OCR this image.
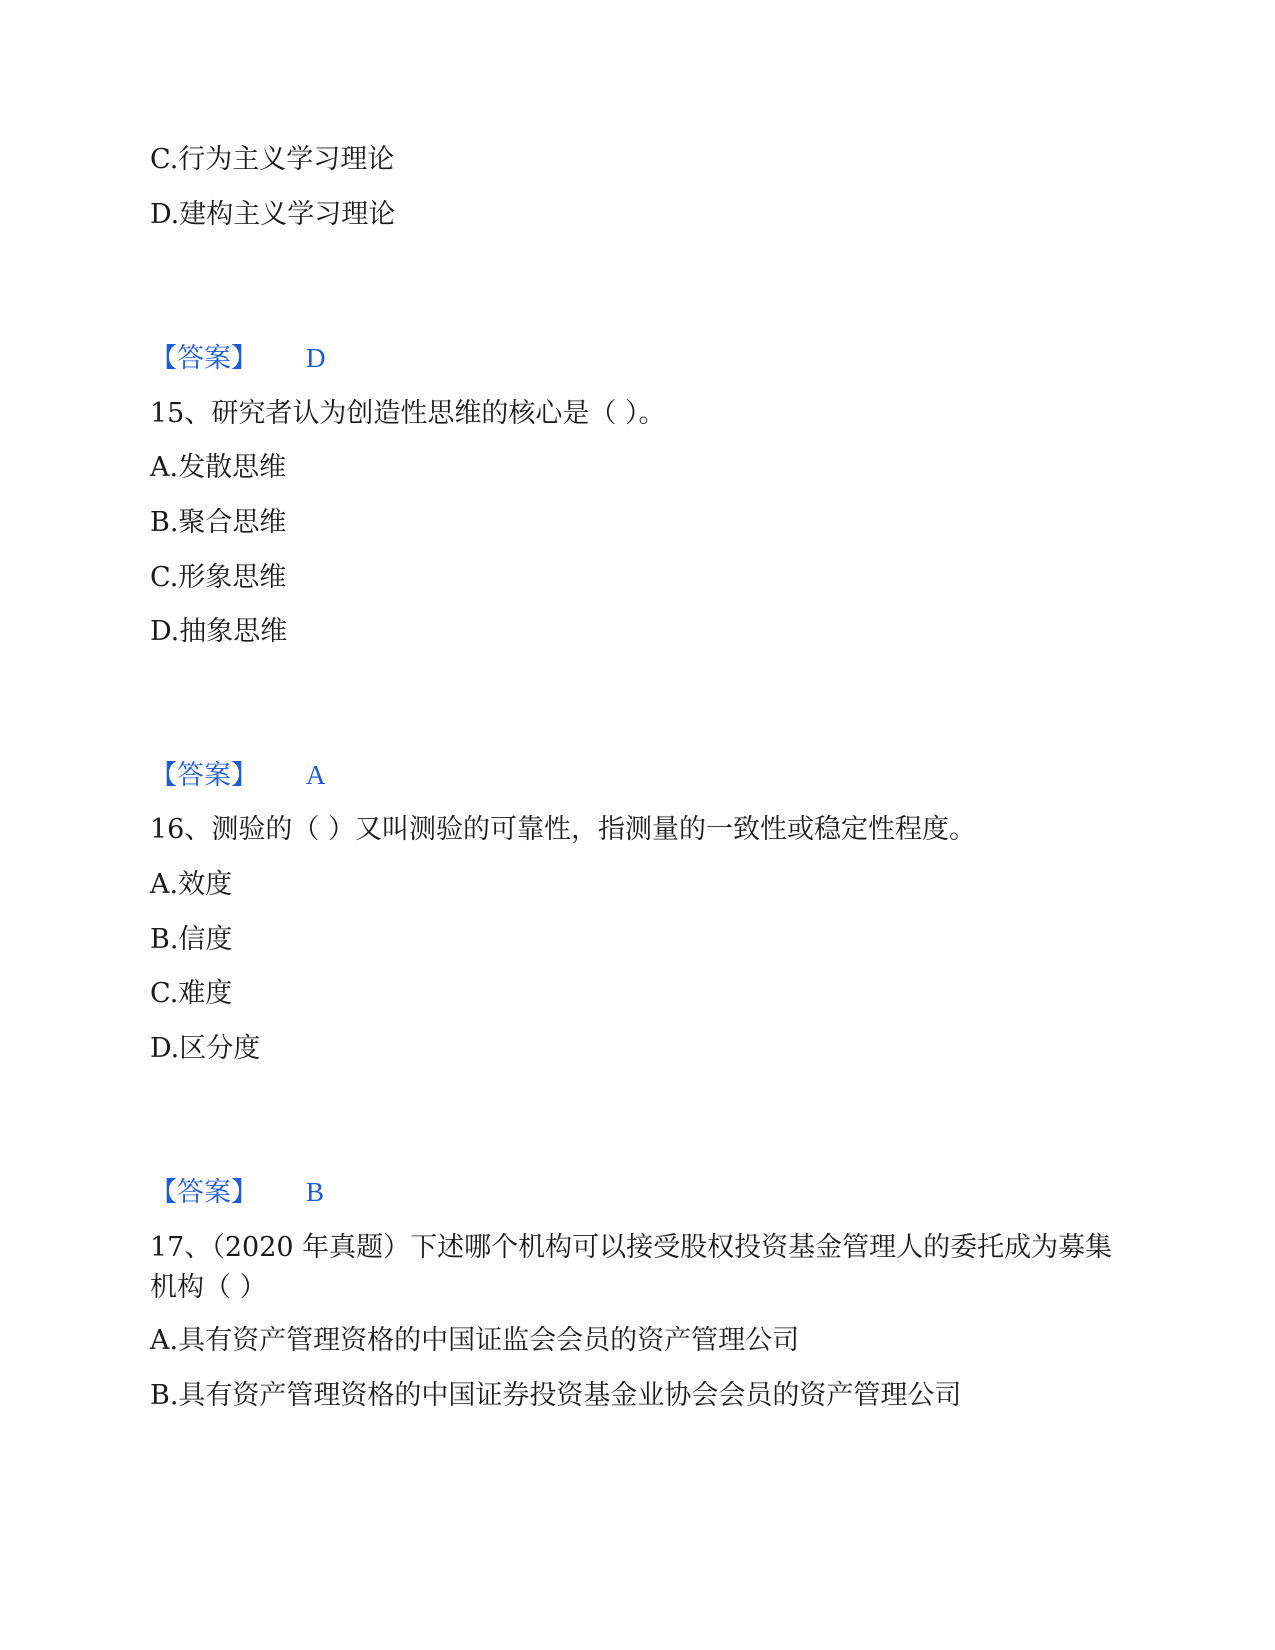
C.行为主义学习理论
D.建构主义学习理论
【答案】 D
15、研究者认为创造性思维的核心是（ ）。
A.发散思维
B.聚合思维
C.形象思维
D.抽象思维
【答案】 A
16、测验的（ ）又叫测验的可靠性，指测量的一致性或稳定性程度。
A.效度
B.信度
C.难度
D.区分度
【答案】 B
17、（2020 年真题）下述哪个机构可以接受股权投资基金管理人的委托成为募集机构（ ）
A.具有资产管理资格的中国证监会会员的资产管理公司
B.具有资产管理资格的中国证券投资基金业协会会员的资产管理公司
